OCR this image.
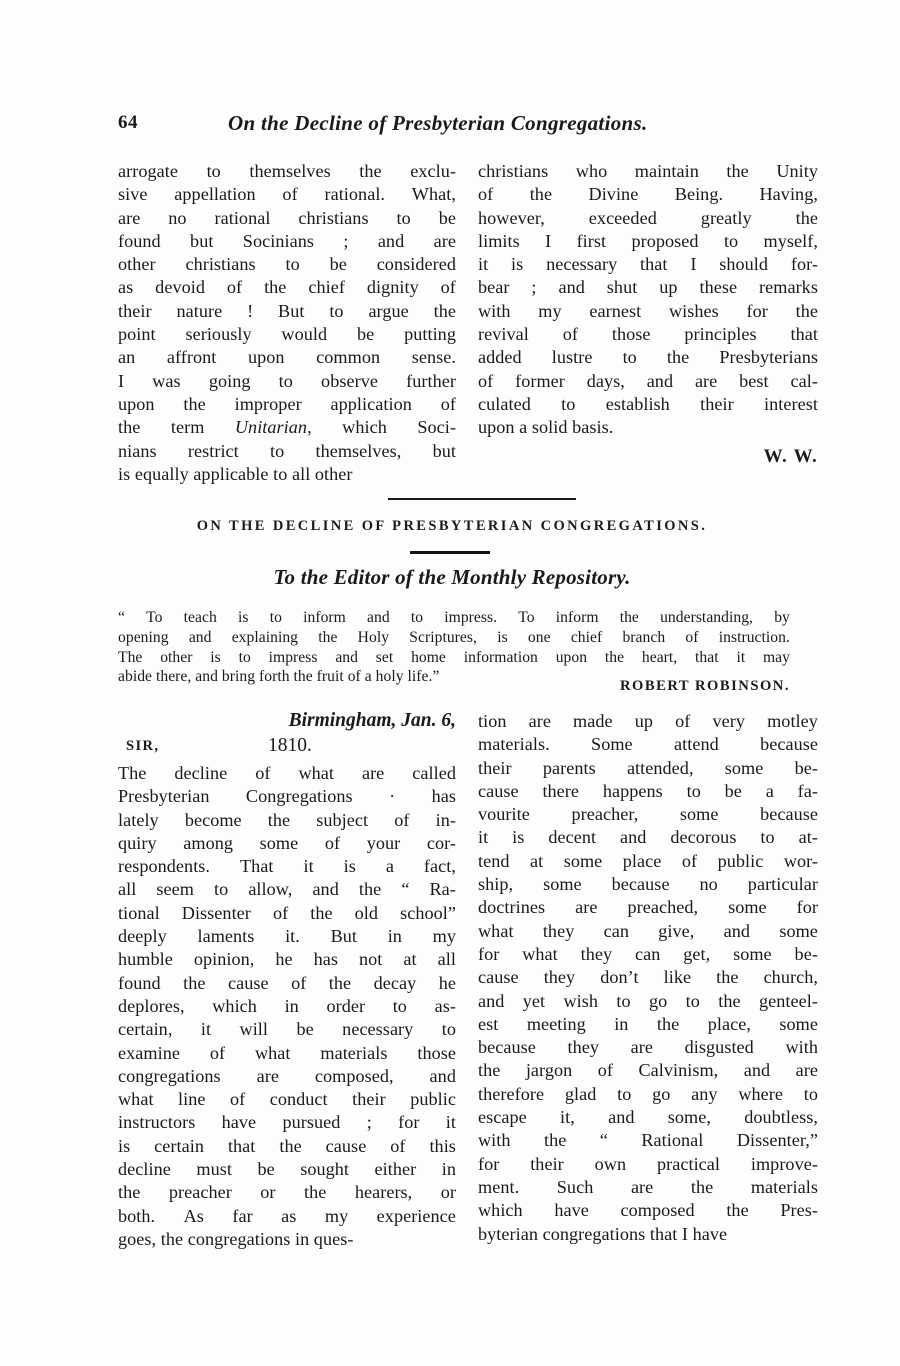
64	On the Decline of Presbyterian Congregations.
arrogate to themselves the exclu-
sive appellation of rational. What,
are no rational christians to be
found but Socinians ; and are
other christians to be considered
as devoid of the chief dignity of
their nature ! But to argue the
point seriously would be putting
an affront upon common sense.
I was going to observe further
upon the improper application of
the term Unitarian, which Soci-
nians restrict to themselves, but
is equally applicable to all other
christians who maintain the Unity
of the Divine Being. Having,
however, exceeded greatly the
limits I first proposed to myself,
it is necessary that I should for-
bear ; and shut up these remarks
with my earnest wishes for the
revival of those principles that
added lustre to the Presbyterians
of former days, and are best cal-
culated to establish their interest
upon a solid basis.
W. W.
ON THE DECLINE OF PRESBYTERIAN CONGREGATIONS.
To the Editor of the Monthly Repository.
“ To teach is to inform and to impress. To inform the understanding, by
opening and explaining the Holy Scriptures, is one chief branch of instruction.
The other is to impress and set home information upon the heart, that it may
abide there, and bring forth the fruit of a holy life.”
ROBERT ROBINSON.
Birmingham, Jan. 6,
1810.
SIR,
The decline of what are called
Presbyterian Congregations · has
lately become the subject of in-
quiry among some of your cor-
respondents. That it is a fact,
all seem to allow, and the “ Ra-
tional Dissenter of the old school”
deeply laments it. But in my
humble opinion, he has not at all
found the cause of the decay he
deplores, which in order to as-
certain, it will be necessary to
examine of what materials those
congregations are composed, and
what line of conduct their public
instructors have pursued ; for it
is certain that the cause of this
decline must be sought either in
the preacher or the hearers, or
both. As far as my experience
goes, the congregations in ques-
tion are made up of very motley
materials. Some attend because
their parents attended, some be-
cause there happens to be a fa-
vourite preacher, some because
it is decent and decorous to at-
tend at some place of public wor-
ship, some because no particular
doctrines are preached, some for
what they can give, and some
for what they can get, some be-
cause they don’t like the church,
and yet wish to go to the genteel-
est meeting in the place, some
because they are disgusted with
the jargon of Calvinism, and are
therefore glad to go any where to
escape it, and some, doubtless,
with the “ Rational Dissenter,”
for their own practical improve-
ment. Such are the materials
which have composed the Pres-
byterian congregations that I have
